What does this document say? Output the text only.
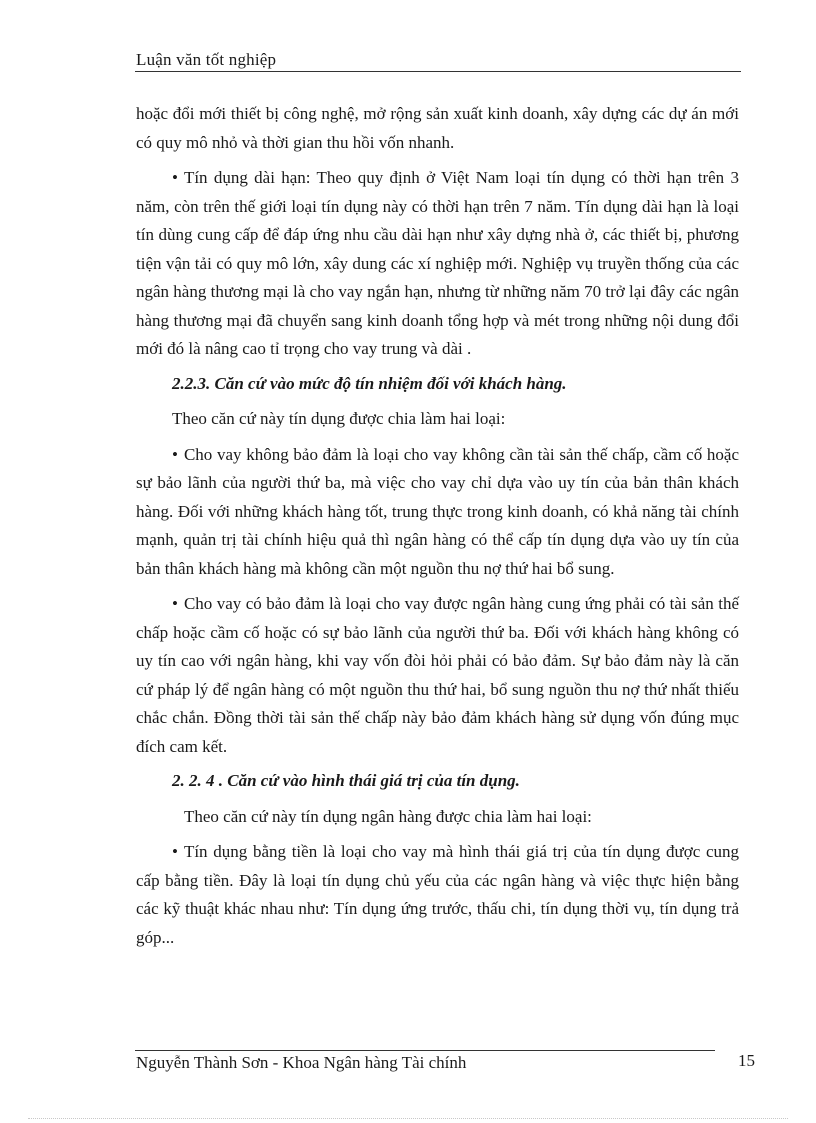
Luận văn tốt nghiệp

hoặc đổi mới thiết bị công nghệ, mở rộng sản xuất kinh doanh, xây dựng các dự án mới có quy mô nhỏ và thời gian thu hồi vốn nhanh.

• Tín dụng dài hạn: Theo quy định ở Việt Nam loại tín dụng có thời hạn trên 3 năm, còn trên thế giới loại tín dụng này có thời hạn trên 7 năm. Tín dụng dài hạn là loại tín dùng cung cấp để đáp ứng nhu cầu dài hạn như xây dựng nhà ở, các thiết bị, phương tiện vận tải có quy mô lớn, xây dung các xí nghiệp mới. Nghiệp vụ truyền thống của các ngân hàng thương mại là cho vay ngắn hạn, nhưng từ những năm 70 trở lại đây các ngân hàng thương mại đã chuyển sang kinh doanh tổng hợp và mét trong những nội dung đổi mới đó là nâng cao tỉ trọng cho vay trung và dài .

2.2.3. Căn cứ vào mức độ tín nhiệm đối với khách hàng.

Theo căn cứ này tín dụng được chia làm hai loại:

• Cho vay không bảo đảm là loại cho vay không cần tài sản thế chấp, cầm cố hoặc sự bảo lãnh của người thứ ba, mà việc cho vay chỉ dựa vào uy tín của bản thân khách hàng. Đối với những khách hàng tốt, trung thực trong kinh doanh, có khả năng tài chính mạnh, quản trị tài chính hiệu quả thì ngân hàng có thể cấp tín dụng dựa vào uy tín của bản thân khách hàng mà không cần một nguồn thu nợ thứ hai bổ sung.

• Cho vay có bảo đảm là loại cho vay được ngân hàng cung ứng phải có tài sản thế chấp hoặc cầm cố hoặc có sự bảo lãnh của người thứ ba. Đối với khách hàng không có uy tín cao với ngân hàng, khi vay vốn đòi hỏi phải có bảo đảm. Sự bảo đảm này là căn cứ pháp lý để ngân hàng có một nguồn thu thứ hai, bổ sung nguồn thu nợ thứ nhất thiếu chắc chắn. Đồng thời tài sản thế chấp này bảo đảm khách hàng sử dụng vốn đúng mục đích cam kết.

2. 2. 4 . Căn cứ vào hình thái giá trị của tín dụng.

Theo căn cứ này tín dụng ngân hàng được chia làm hai loại:

• Tín dụng bằng tiền là loại cho vay mà hình thái giá trị của tín dụng được cung cấp bằng tiền. Đây là loại tín dụng chủ yếu của các ngân hàng và việc thực hiện bằng các kỹ thuật khác nhau như: Tín dụng ứng trước, thấu chi, tín dụng thời vụ, tín dụng trả góp...

Nguyễn Thành Sơn - Khoa Ngân hàng Tài chính	15
